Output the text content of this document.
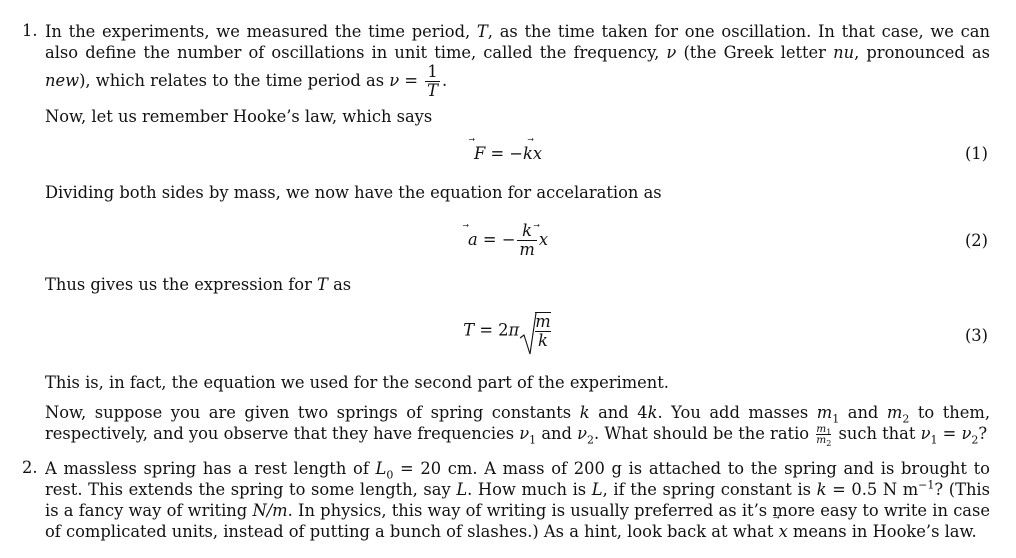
1. In the experiments, we measured the time period, T, as the time taken for one oscillation. In that case, we can also define the number of oscillations in unit time, called the frequency, ν (the Greek letter nu, pronounced as new), which relates to the time period as $\nu = \frac{1}{T}$ .
Now, let us remember Hooke’s law, which says
F ⃗ = −kx ⃗	(1)
Dividing both sides by mass, we now have the equation for accelaration as
a ⃗ = − $\frac{k}{m}$ x ⃗	(2)
Thus gives us the expression for T as
$T = 2\pi \frac{m}{k}$	(3)
This is, in fact, the equation we used for the second part of the experiment.
Now, suppose you are given two springs of spring constants k and 4k. You add masses $m_1$ and $m_2$ to them, respectively, and you observe that they have frequencies $\nu_1$ and $\nu_2$. What should be the ratio $\frac{m_1}{m_2}$ such that $\nu_1 = \nu_2$?
2. A massless spring has a rest length of $L_0 = 20$ cm. A mass of 200 g is attached to the spring and is brought to rest. This extends the spring to some length, say L. How much is L, if the spring constant is k = 0.5 N $m^{-1}$? (This is a fancy way of writing N/m. In physics, this way of writing is usually preferred as it’s more easy to write in case of complicated units, instead of putting a bunch of slashes.) As a hint, look back at what x ⃗ means in Hooke’s law.
